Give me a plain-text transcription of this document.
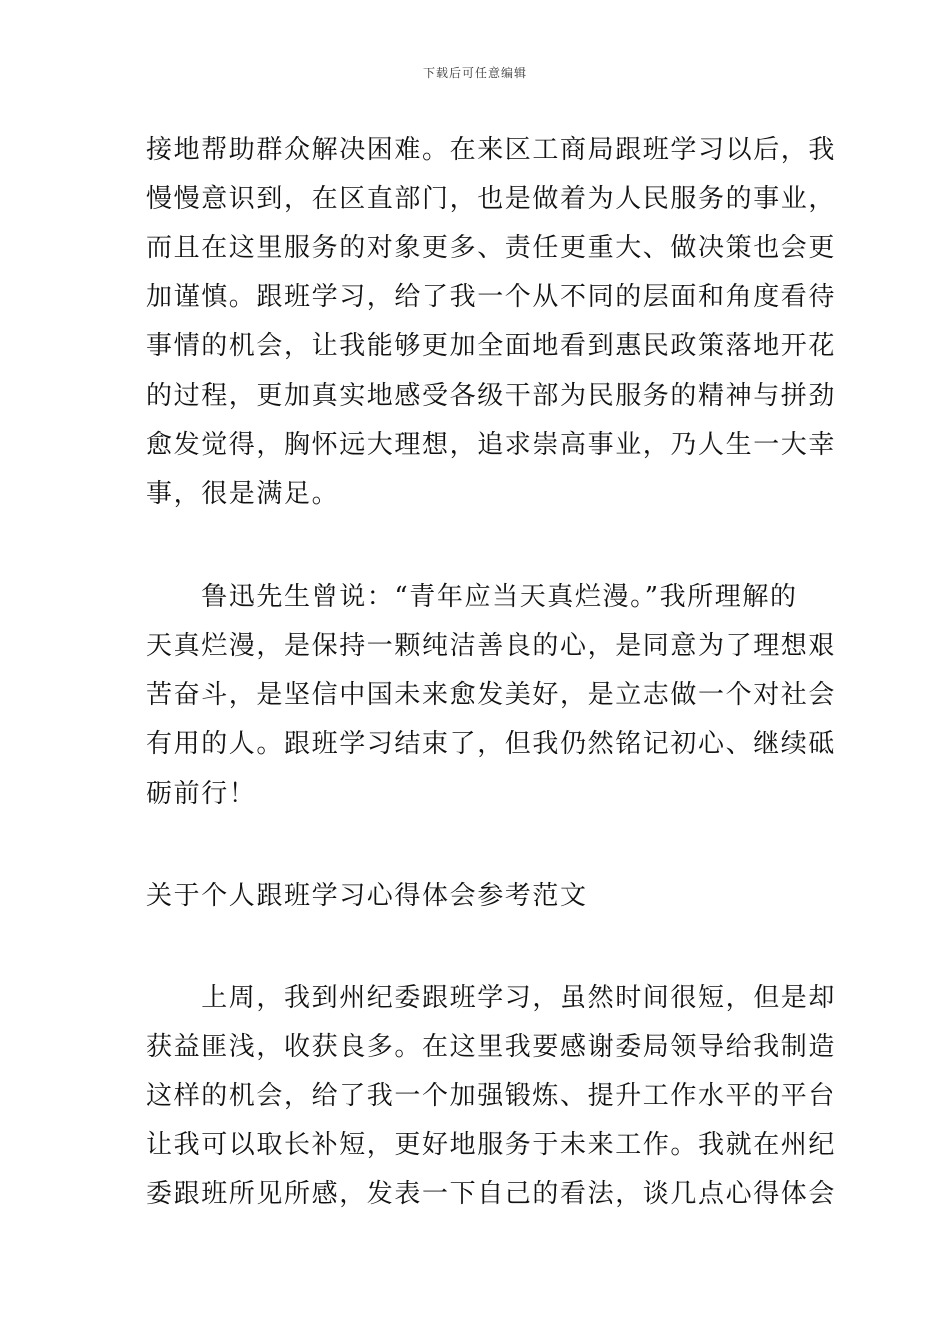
下载后可任意编辑
接地帮助群众解决困难。在来区工商局跟班学习以后，我
慢慢意识到，在区直部门，也是做着为人民服务的事业，
而且在这里服务的对象更多、责任更重大、做决策也会更
加谨慎。跟班学习，给了我一个从不同的层面和角度看待
事情的机会，让我能够更加全面地看到惠民政策落地开花
的过程，更加真实地感受各级干部为民服务的精神与拼劲
愈发觉得，胸怀远大理想，追求崇高事业，乃人生一大幸
事，很是满足。
　　鲁迅先生曾说：“青年应当天真烂漫。”我所理解的
天真烂漫，是保持一颗纯洁善良的心，是同意为了理想艰
苦奋斗，是坚信中国未来愈发美好，是立志做一个对社会
有用的人。跟班学习结束了，但我仍然铭记初心、继续砥
砺前行！
关于个人跟班学习心得体会参考范文
　　上周，我到州纪委跟班学习，虽然时间很短，但是却
获益匪浅，收获良多。在这里我要感谢委局领导给我制造
这样的机会，给了我一个加强锻炼、提升工作水平的平台
让我可以取长补短，更好地服务于未来工作。我就在州纪
委跟班所见所感，发表一下自己的看法，谈几点心得体会
